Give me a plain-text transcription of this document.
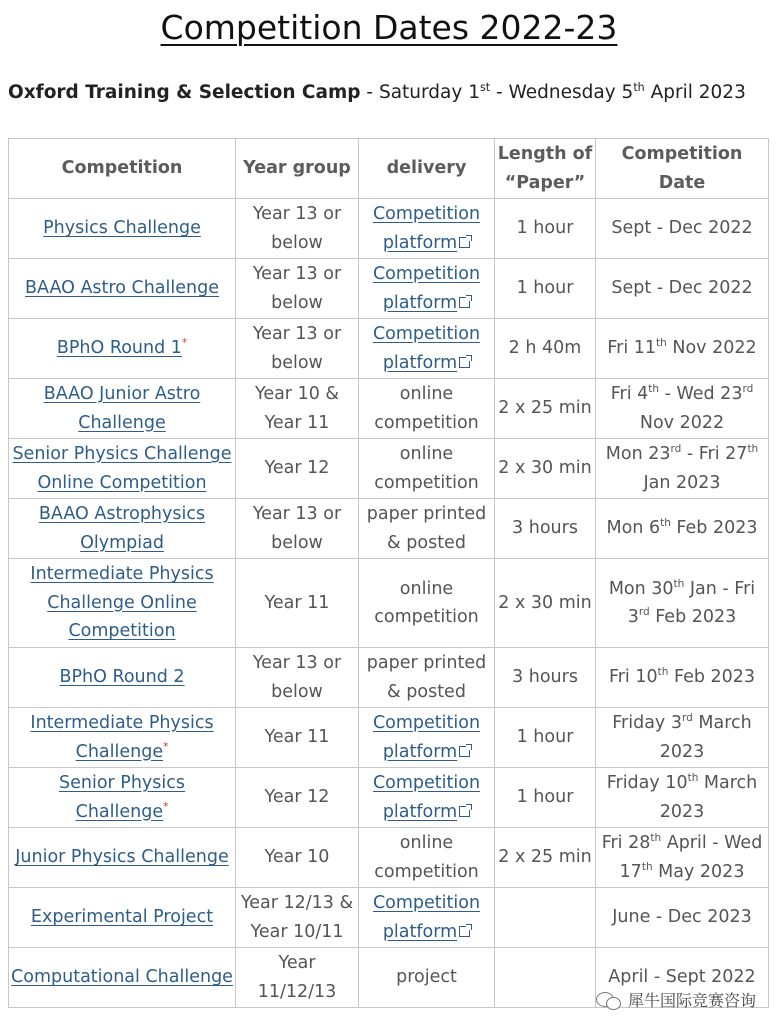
Competition Dates 2022-23
Oxford Training & Selection Camp - Saturday 1st - Wednesday 5th April 2023
Competition	Year group	delivery	Length of “Paper”	Competition Date
Physics Challenge	Year 13 or below	Competition platform	1 hour	Sept - Dec 2022
BAAO Astro Challenge	Year 13 or below	Competition platform	1 hour	Sept - Dec 2022
BPhO Round 1*	Year 13 or below	Competition platform	2 h 40m	Fri 11th Nov 2022
BAAO Junior Astro Challenge	Year 10 & Year 11	online competition	2 x 25 min	Fri 4th - Wed 23rd Nov 2022
Senior Physics Challenge Online Competition	Year 12	online competition	2 x 30 min	Mon 23rd - Fri 27th Jan 2023
BAAO Astrophysics Olympiad	Year 13 or below	paper printed & posted	3 hours	Mon 6th Feb 2023
Intermediate Physics Challenge Online Competition	Year 11	online competition	2 x 30 min	Mon 30th Jan - Fri 3rd Feb 2023
BPhO Round 2	Year 13 or below	paper printed & posted	3 hours	Fri 10th Feb 2023
Intermediate Physics Challenge*	Year 11	Competition platform	1 hour	Friday 3rd March 2023
Senior Physics Challenge*	Year 12	Competition platform	1 hour	Friday 10th March 2023
Junior Physics Challenge	Year 10	online competition	2 x 25 min	Fri 28th April - Wed 17th May 2023
Experimental Project	Year 12/13 & Year 10/11	Competition platform		June - Dec 2023
Computational Challenge	Year 11/12/13	project		April - Sept 2022
犀牛国际竞赛咨询
